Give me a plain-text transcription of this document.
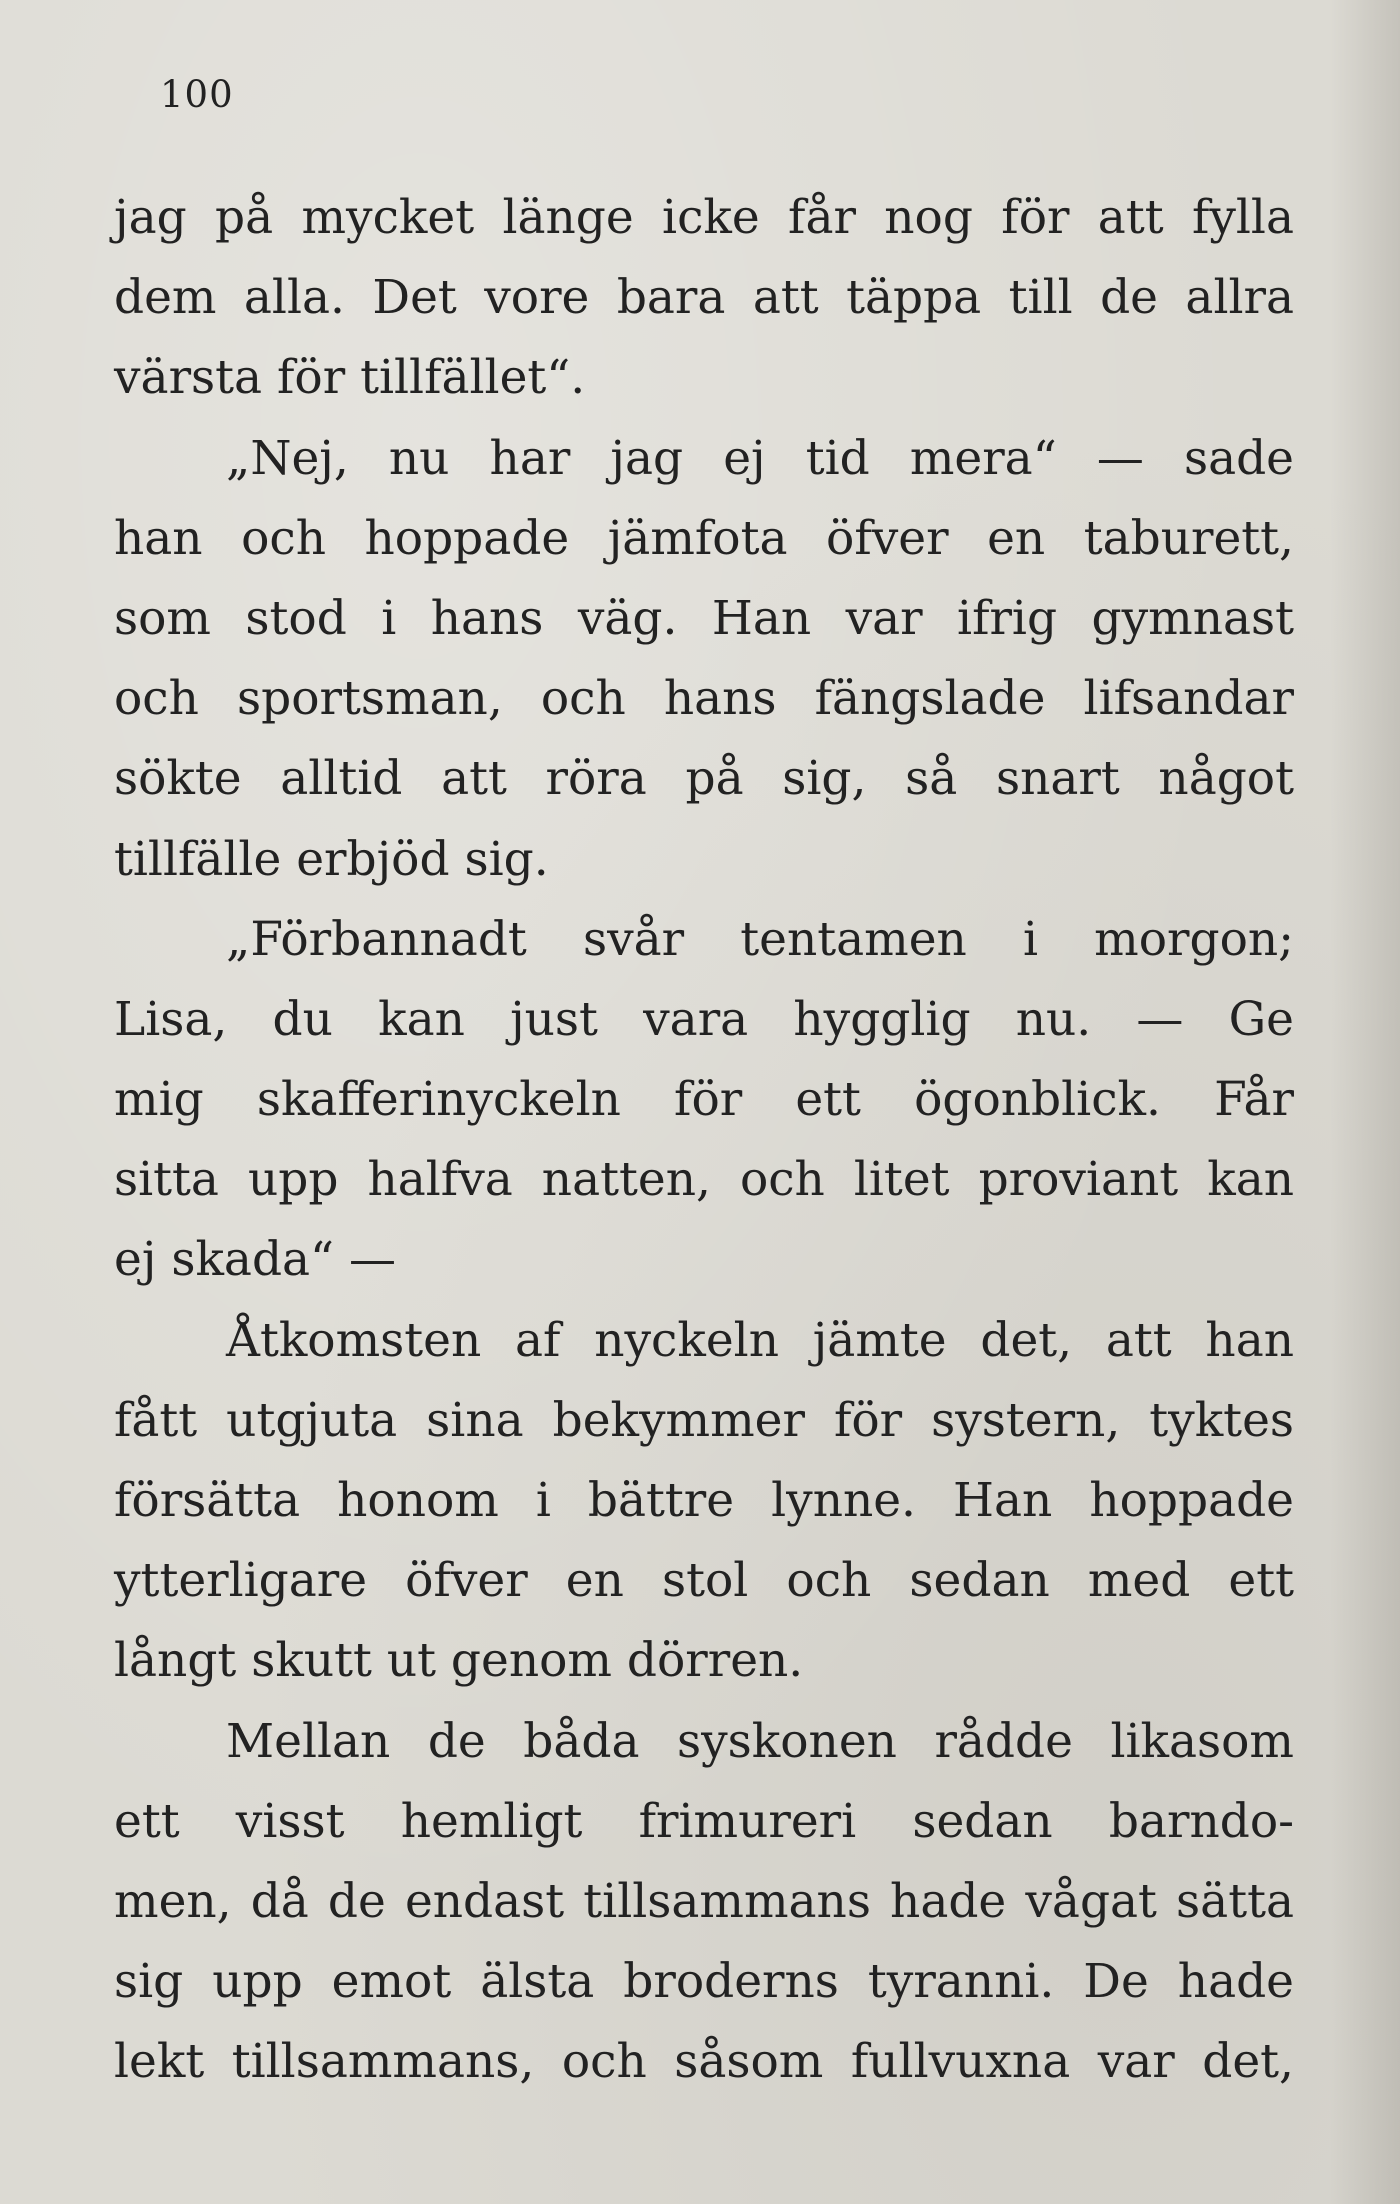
100
jag på mycket länge icke får nog för att fylla
dem alla. Det vore bara att täppa till de allra
värsta för tillfället“.
„Nej, nu har jag ej tid mera“ — sade
han och hoppade jämfota öfver en taburett,
som stod i hans väg. Han var ifrig gymnast
och sportsman, och hans fängslade lifsandar
sökte alltid att röra på sig, så snart något
tillfälle erbjöd sig.
„Förbannadt svår tentamen i morgon;
Lisa, du kan just vara hygglig nu. — Ge
mig skafferinyckeln för ett ögonblick. Får
sitta upp halfva natten, och litet proviant kan
ej skada“ —
Åtkomsten af nyckeln jämte det, att han
fått utgjuta sina bekymmer för systern, tyktes
försätta honom i bättre lynne. Han hoppade
ytterligare öfver en stol och sedan med ett
långt skutt ut genom dörren.
Mellan de båda syskonen rådde likasom
ett visst hemligt frimureri sedan barndo-
men, då de endast tillsammans hade vågat sätta
sig upp emot älsta broderns tyranni. De hade
lekt tillsammans, och såsom fullvuxna var det,
